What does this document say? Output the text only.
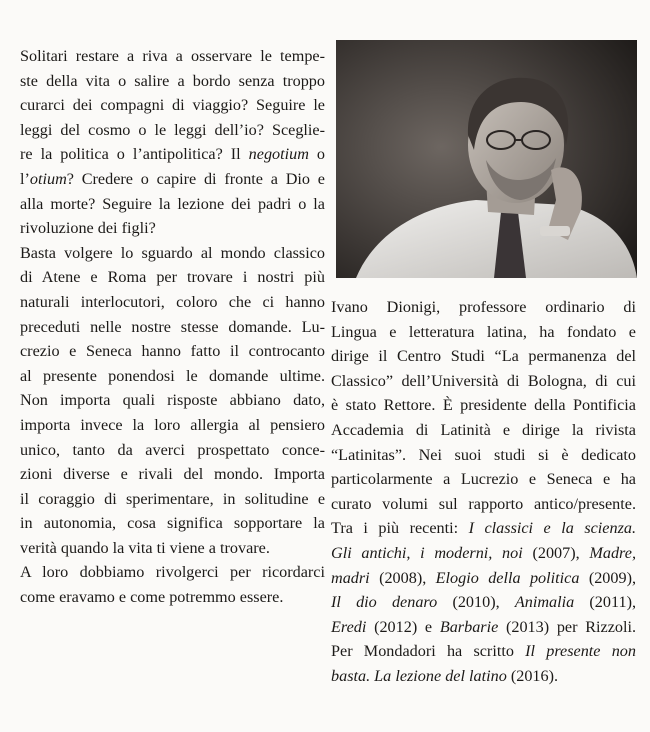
Solitari restare a riva a osservare le tempe-

ste della vita o salire a bordo senza troppo

curarci dei compagni di viaggio? Seguire le

leggi del cosmo o le leggi dell’io? Sceglie-

re la politica o l’antipolitica? Il negotium o

l’otium? Credere o capire di fronte a Dio e

alla morte? Seguire la lezione dei padri o la

rivoluzione dei figli?

Basta volgere lo sguardo al mondo classico

di Atene e Roma per trovare i nostri più

naturali interlocutori, coloro che ci hanno

preceduti nelle nostre stesse domande. Lu-

crezio e Seneca hanno fatto il controcanto

al presente ponendosi le domande ultime.

Non importa quali risposte abbiano dato,

importa invece la loro allergia al pensiero

unico, tanto da averci prospettato conce-

zioni diverse e rivali del mondo. Importa

il coraggio di sperimentare, in solitudine e

in autonomia, cosa significa sopportare la

verità quando la vita ti viene a trovare.

A loro dobbiamo rivolgerci per ricordarci

come eravamo e come potremmo essere.

Ivano Dionigi, professore ordinario di

Lingua e letteratura latina, ha fondato e

dirige il Centro Studi “La permanenza del

Classico” dell’Università di Bologna, di cui

è stato Rettore. È presidente della Pontificia

Accademia di Latinità e dirige la rivista

“Latinitas”. Nei suoi studi si è dedicato

particolarmente a Lucrezio e Seneca e ha

curato volumi sul rapporto antico/presente.

Tra i più recenti: I classici e la scienza.

Gli antichi, i moderni, noi (2007), Madre,

madri (2008), Elogio della politica (2009),

Il dio denaro (2010), Animalia (2011),

Eredi (2012) e Barbarie (2013) per Rizzoli.

Per Mondadori ha scritto Il presente non

basta. La lezione del latino (2016).
